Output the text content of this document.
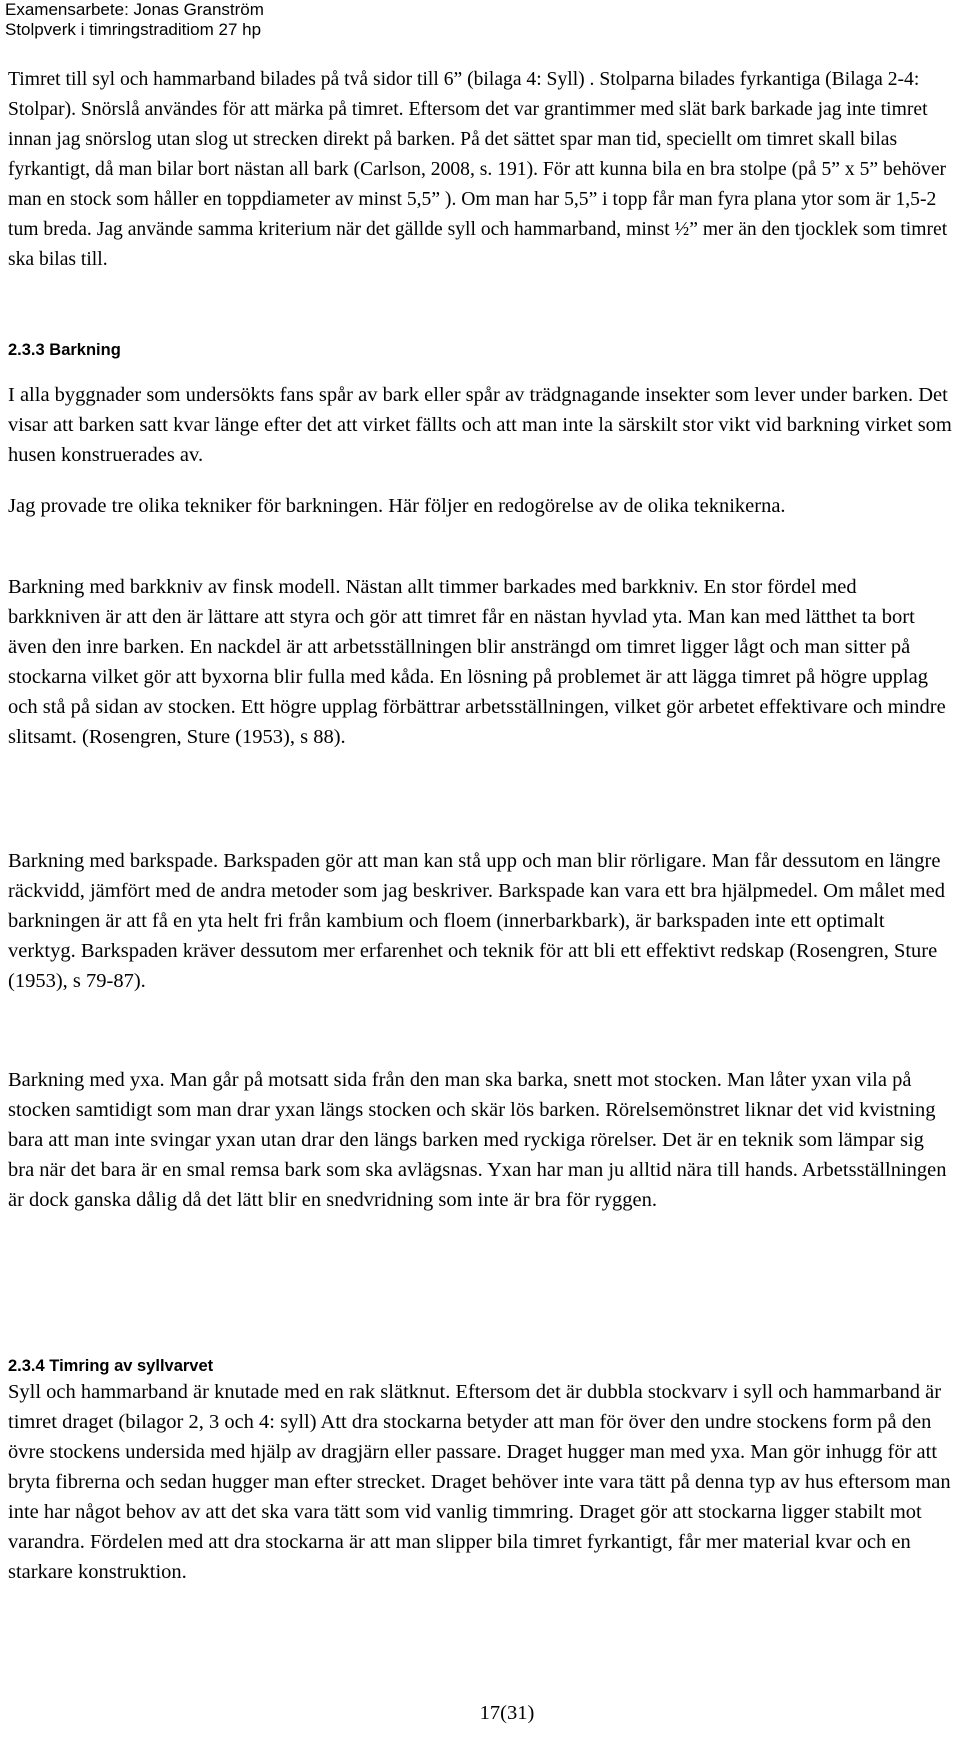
Examensarbete: Jonas Granström
Stolpverk i timringstraditiom 27 hp

Timret till syl och hammarband bilades på två sidor till 6” (bilaga 4: Syll) . Stolparna bilades fyrkantiga (Bilaga 2-4: Stolpar). Snörslå användes för att märka på timret. Eftersom det var grantimmer med slät bark barkade jag inte timret innan jag snörslog utan slog ut strecken direkt på barken. På det sättet spar man tid, speciellt om timret skall bilas fyrkantigt, då man bilar bort nästan all bark (Carlson, 2008, s. 191). För att kunna bila en bra stolpe (på 5” x 5” behöver man en stock som håller en toppdiameter av minst 5,5” ). Om man har 5,5” i topp får man fyra plana ytor som är 1,5-2 tum breda. Jag använde samma kriterium när det gällde syll och hammarband, minst ½” mer än den tjocklek som timret ska bilas till.

2.3.3 Barkning

I alla byggnader som undersökts fans spår av bark eller spår av trädgnagande insekter som lever under barken. Det visar att barken satt kvar länge efter det att virket fällts och att man inte la särskilt stor vikt vid barkning virket som husen konstruerades av.

Jag provade tre olika tekniker för barkningen. Här följer en redogörelse av de olika teknikerna.

Barkning med barkkniv av finsk modell. Nästan allt timmer barkades med barkkniv. En stor fördel med barkkniven är att den är lättare att styra och gör att timret får en nästan hyvlad yta. Man kan med lätthet ta bort även den inre barken. En nackdel är att arbetsställningen blir ansträngd om timret ligger lågt och man sitter på stockarna vilket gör att byxorna blir fulla med kåda. En lösning på problemet är att lägga timret på högre upplag och stå på sidan av stocken. Ett högre upplag förbättrar arbetsställningen, vilket gör arbetet effektivare och mindre slitsamt. (Rosengren, Sture (1953), s 88).

Barkning med barkspade. Barkspaden gör att man kan stå upp och man blir rörligare. Man får dessutom en längre räckvidd, jämfört med de andra metoder som jag beskriver. Barkspade kan vara ett bra hjälpmedel. Om målet med barkningen är att få en yta helt fri från kambium och floem (innerbarkbark), är barkspaden inte ett optimalt verktyg. Barkspaden kräver dessutom mer erfarenhet och teknik för att bli ett effektivt redskap (Rosengren, Sture (1953), s 79-87).

Barkning med yxa. Man går på motsatt sida från den man ska barka, snett mot stocken. Man låter yxan vila på stocken samtidigt som man drar yxan längs stocken och skär lös barken. Rörelsemönstret liknar det vid kvistning bara att man inte svingar yxan utan drar den längs barken med ryckiga rörelser. Det är en teknik som lämpar sig bra när det bara är en smal remsa bark som ska avlägsnas. Yxan har man ju alltid nära till hands. Arbetsställningen är dock ganska dålig då det lätt blir en snedvridning som inte är bra för ryggen.

2.3.4 Timring av syllvarvet

Syll och hammarband är knutade med en rak slätknut. Eftersom det är dubbla stockvarv i syll och hammarband är timret draget (bilagor 2, 3 och 4: syll) Att dra stockarna betyder att man för över den undre stockens form på den övre stockens undersida med hjälp av dragjärn eller passare. Draget hugger man med yxa. Man gör inhugg för att bryta fibrerna och sedan hugger man efter strecket. Draget behöver inte vara tätt på denna typ av hus eftersom man inte har något behov av att det ska vara tätt som vid vanlig timmring. Draget gör att stockarna ligger stabilt mot varandra. Fördelen med att dra stockarna är att man slipper bila timret fyrkantigt, får mer material kvar och en starkare konstruktion.

17(31)
